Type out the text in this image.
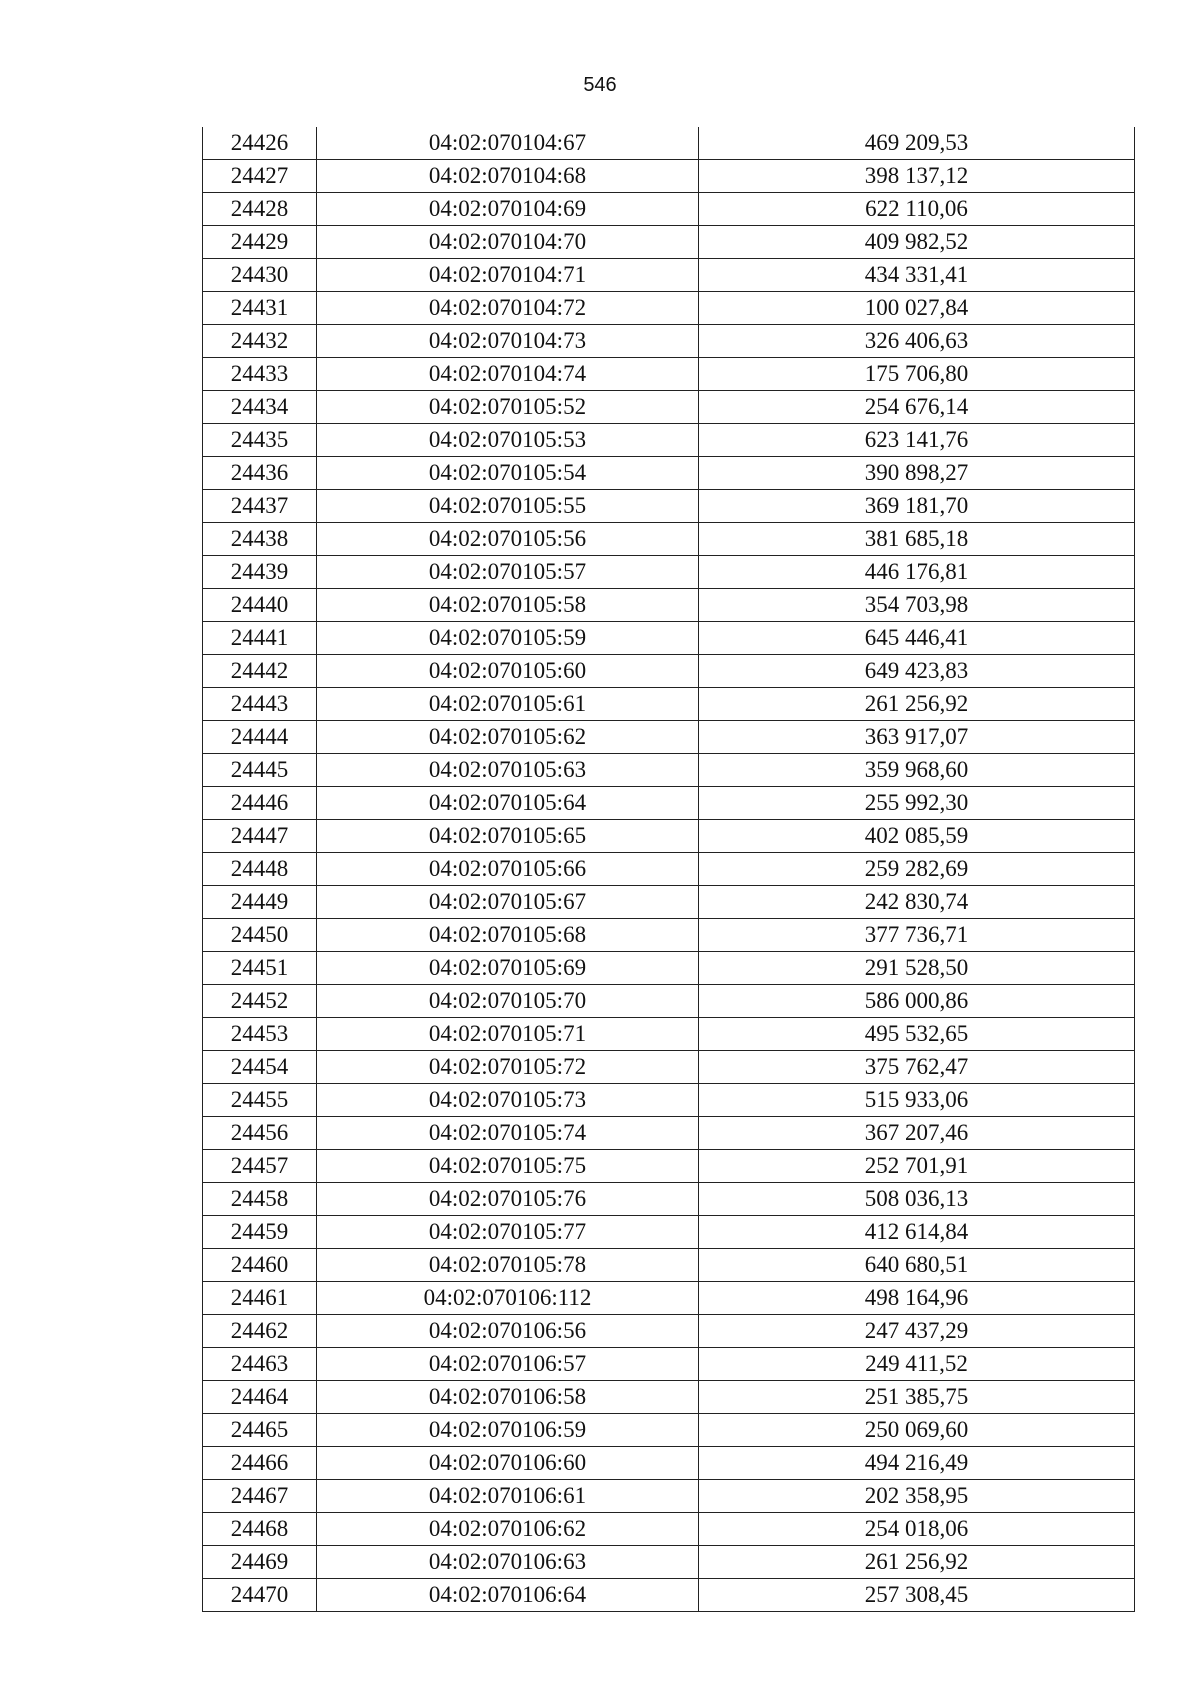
546
24426	04:02:070104:67	469 209,53
24427	04:02:070104:68	398 137,12
24428	04:02:070104:69	622 110,06
24429	04:02:070104:70	409 982,52
24430	04:02:070104:71	434 331,41
24431	04:02:070104:72	100 027,84
24432	04:02:070104:73	326 406,63
24433	04:02:070104:74	175 706,80
24434	04:02:070105:52	254 676,14
24435	04:02:070105:53	623 141,76
24436	04:02:070105:54	390 898,27
24437	04:02:070105:55	369 181,70
24438	04:02:070105:56	381 685,18
24439	04:02:070105:57	446 176,81
24440	04:02:070105:58	354 703,98
24441	04:02:070105:59	645 446,41
24442	04:02:070105:60	649 423,83
24443	04:02:070105:61	261 256,92
24444	04:02:070105:62	363 917,07
24445	04:02:070105:63	359 968,60
24446	04:02:070105:64	255 992,30
24447	04:02:070105:65	402 085,59
24448	04:02:070105:66	259 282,69
24449	04:02:070105:67	242 830,74
24450	04:02:070105:68	377 736,71
24451	04:02:070105:69	291 528,50
24452	04:02:070105:70	586 000,86
24453	04:02:070105:71	495 532,65
24454	04:02:070105:72	375 762,47
24455	04:02:070105:73	515 933,06
24456	04:02:070105:74	367 207,46
24457	04:02:070105:75	252 701,91
24458	04:02:070105:76	508 036,13
24459	04:02:070105:77	412 614,84
24460	04:02:070105:78	640 680,51
24461	04:02:070106:112	498 164,96
24462	04:02:070106:56	247 437,29
24463	04:02:070106:57	249 411,52
24464	04:02:070106:58	251 385,75
24465	04:02:070106:59	250 069,60
24466	04:02:070106:60	494 216,49
24467	04:02:070106:61	202 358,95
24468	04:02:070106:62	254 018,06
24469	04:02:070106:63	261 256,92
24470	04:02:070106:64	257 308,45
